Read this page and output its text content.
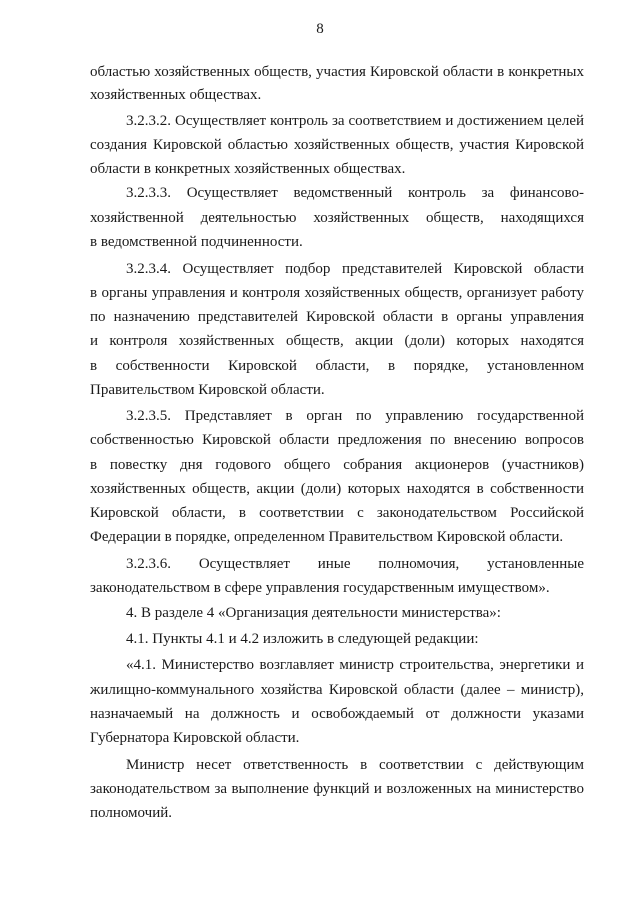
8
областью хозяйственных обществ, участия Кировской области в конкретных
хозяйственных обществах.
3.2.3.2. Осуществляет контроль за соответствием и достижением целей
создания Кировской областью хозяйственных обществ, участия Кировской
области в конкретных хозяйственных обществах.
3.2.3.3. Осуществляет ведомственный контроль за финансово-
хозяйственной деятельностью хозяйственных обществ, находящихся
в ведомственной подчиненности.
3.2.3.4. Осуществляет подбор представителей Кировской области
в органы управления и контроля хозяйственных обществ, организует работу
по назначению представителей Кировской области в органы управления
и контроля хозяйственных обществ, акции (доли) которых находятся
в собственности Кировской области, в порядке, установленном
Правительством Кировской области.
3.2.3.5. Представляет в орган по управлению государственной
собственностью Кировской области предложения по внесению вопросов
в повестку дня годового общего собрания акционеров (участников)
хозяйственных обществ, акции (доли) которых находятся в собственности
Кировской области, в соответствии с законодательством Российской
Федерации в порядке, определенном Правительством Кировской области.
3.2.3.6. Осуществляет иные полномочия, установленные
законодательством в сфере управления государственным имуществом».
4. В разделе 4 «Организация деятельности министерства»:
4.1. Пункты 4.1 и 4.2 изложить в следующей редакции:
«4.1. Министерство возглавляет министр строительства, энергетики и
жилищно-коммунального хозяйства Кировской области (далее – министр),
назначаемый на должность и освобождаемый от должности указами
Губернатора Кировской области.
Министр несет ответственность в соответствии с действующим
законодательством за выполнение функций и возложенных на министерство
полномочий.
